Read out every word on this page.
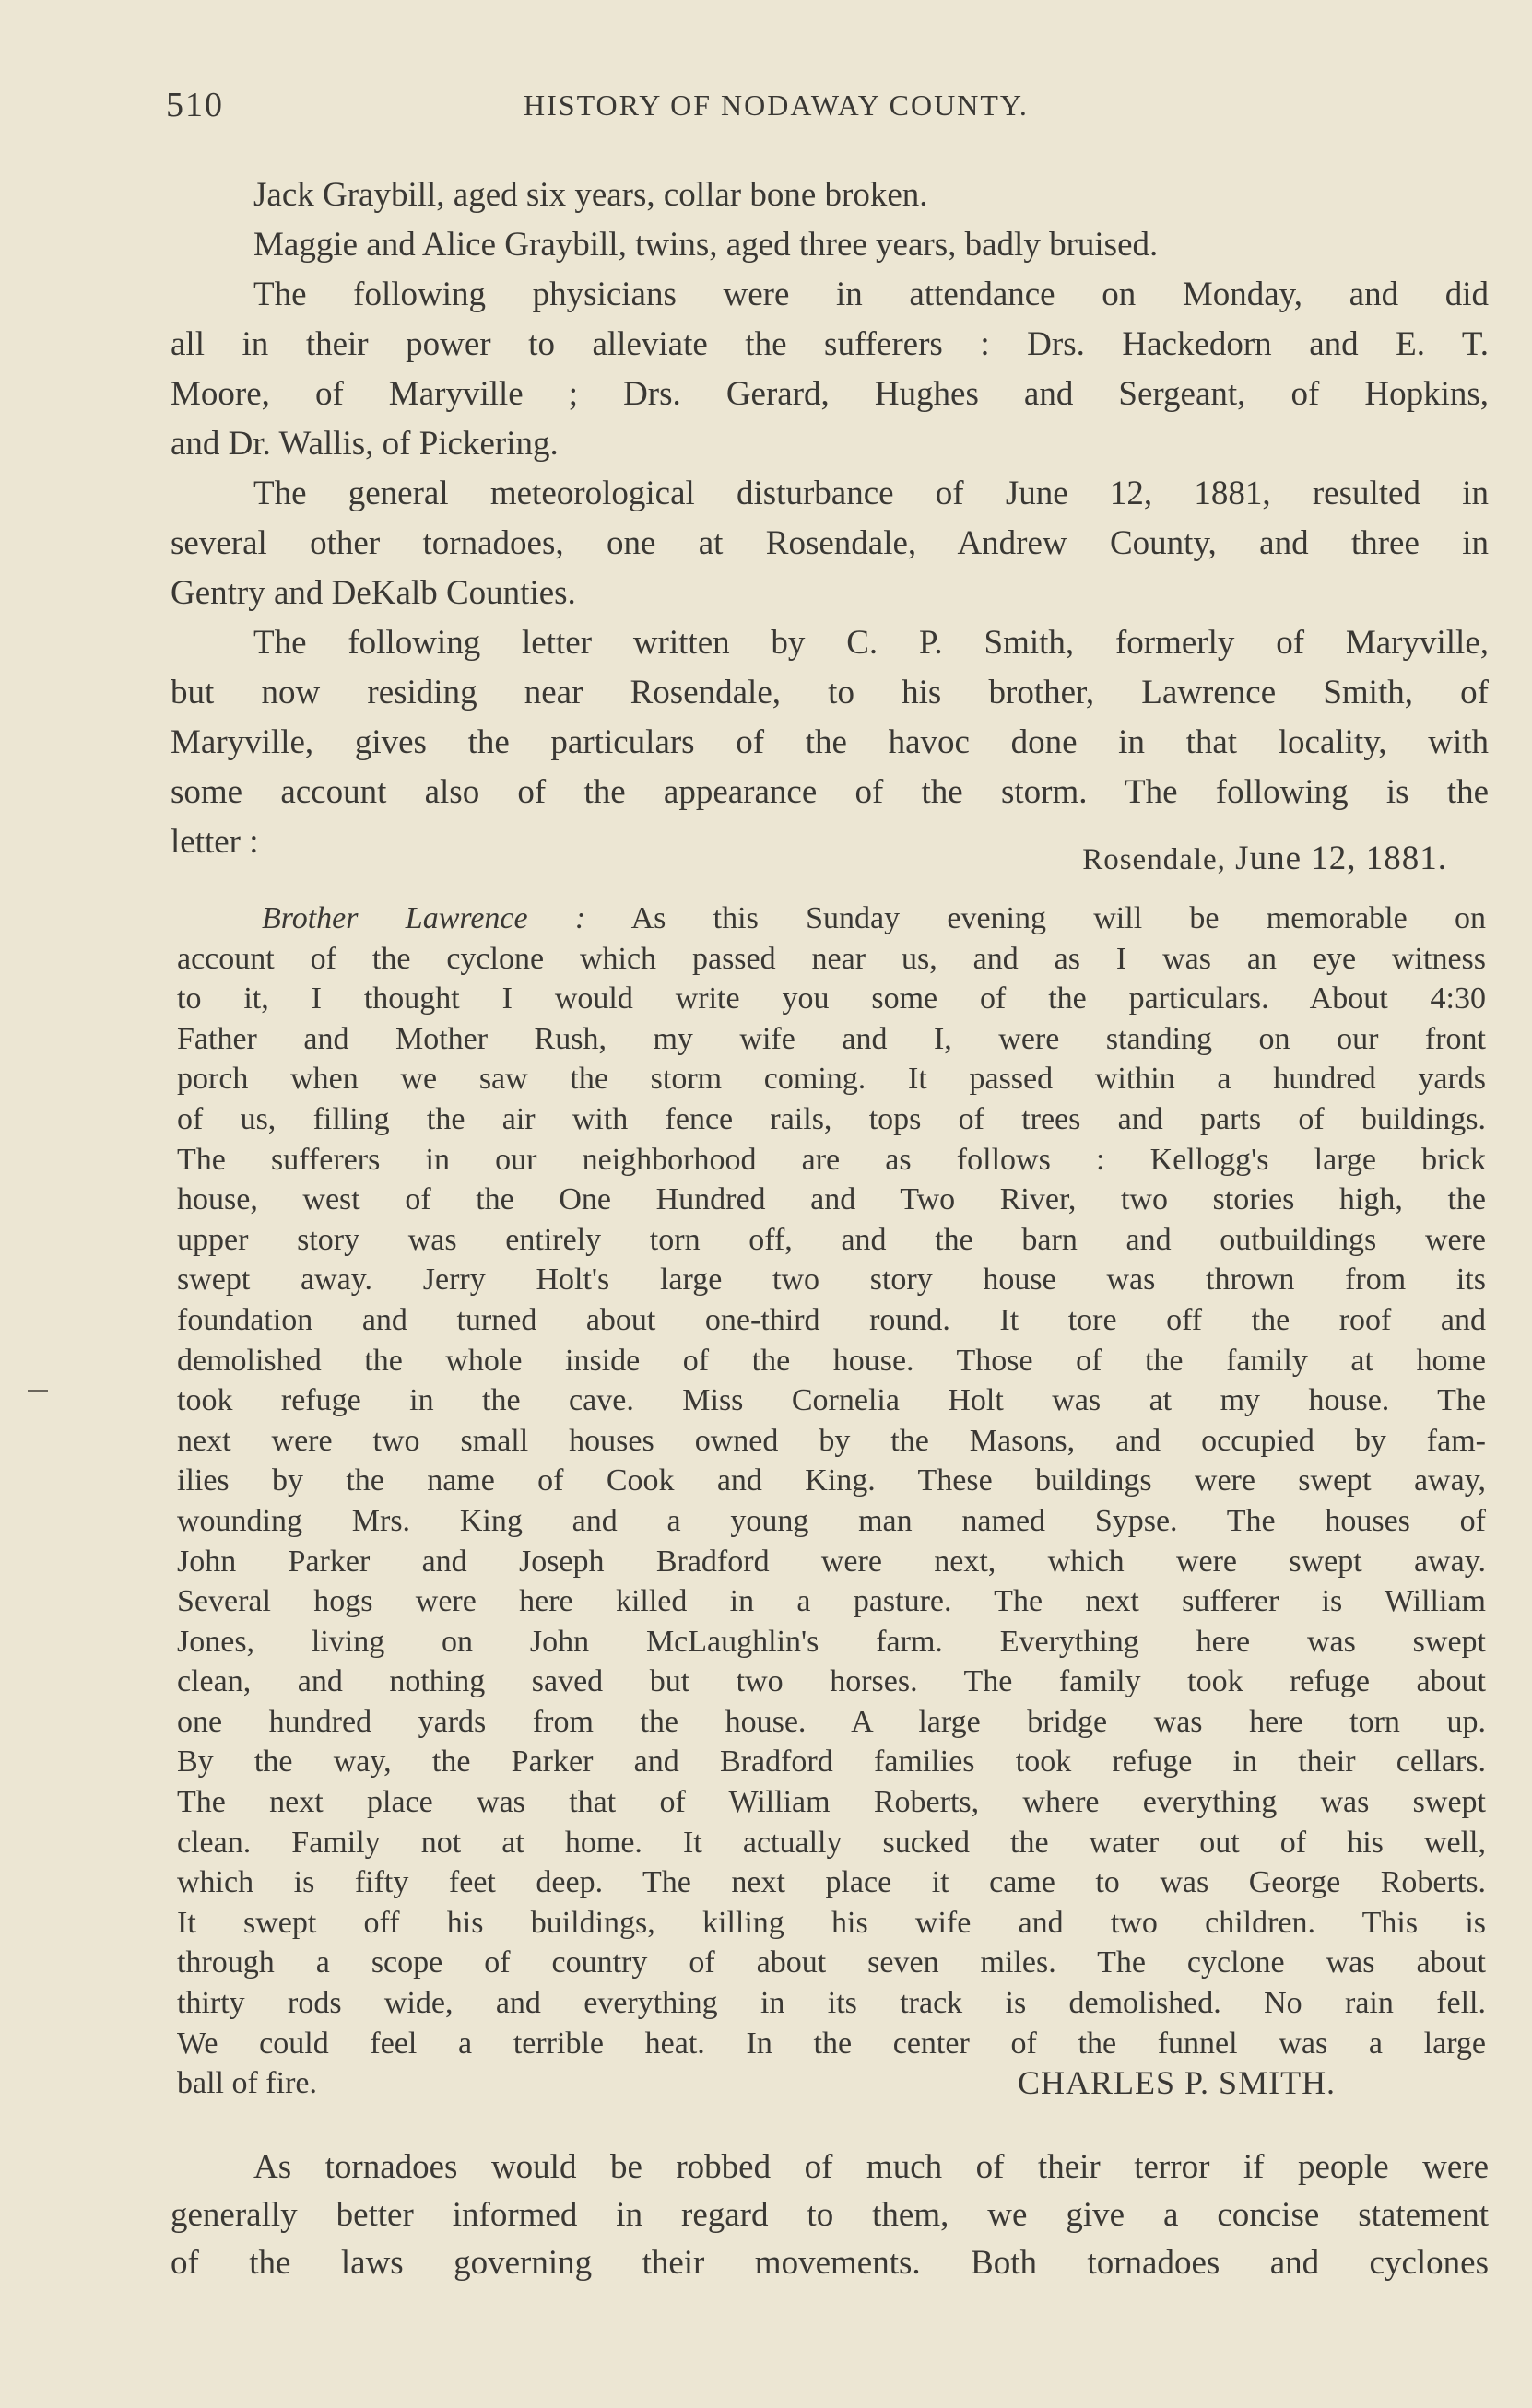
510	HISTORY OF NODAWAY COUNTY.
Jack Graybill, aged six years, collar bone broken.
Maggie and Alice Graybill, twins, aged three years, badly bruised.
The following physicians were in attendance on Monday, and did
all in their power to alleviate the sufferers : Drs. Hackedorn and E. T.
Moore, of Maryville ; Drs. Gerard, Hughes and Sergeant, of Hopkins,
and Dr. Wallis, of Pickering.
The general meteorological disturbance of June 12, 1881, resulted in
several other tornadoes, one at Rosendale, Andrew County, and three in
Gentry and DeKalb Counties.
The following letter written by C. P. Smith, formerly of Maryville,
but now residing near Rosendale, to his brother, Lawrence Smith, of
Maryville, gives the particulars of the havoc done in that locality, with
some account also of the appearance of the storm. The following is the
letter :	Rosendale, June 12, 1881.
Brother Lawrence : As this Sunday evening will be memorable on
account of the cyclone which passed near us, and as I was an eye witness
to it, I thought I would write you some of the particulars. About 4:30
Father and Mother Rush, my wife and I, were standing on our front
porch when we saw the storm coming. It passed within a hundred yards
of us, filling the air with fence rails, tops of trees and parts of buildings.
The sufferers in our neighborhood are as follows : Kellogg's large brick
house, west of the One Hundred and Two River, two stories high, the
upper story was entirely torn off, and the barn and outbuildings were
swept away. Jerry Holt's large two story house was thrown from its
foundation and turned about one-third round. It tore off the roof and
demolished the whole inside of the house. Those of the family at home
took refuge in the cave. Miss Cornelia Holt was at my house. The
next were two small houses owned by the Masons, and occupied by fam-
ilies by the name of Cook and King. These buildings were swept away,
wounding Mrs. King and a young man named Sypse. The houses of
John Parker and Joseph Bradford were next, which were swept away.
Several hogs were here killed in a pasture. The next sufferer is William
Jones, living on John McLaughlin's farm. Everything here was swept
clean, and nothing saved but two horses. The family took refuge about
one hundred yards from the house. A large bridge was here torn up.
By the way, the Parker and Bradford families took refuge in their cellars.
The next place was that of William Roberts, where everything was swept
clean. Family not at home. It actually sucked the water out of his well,
which is fifty feet deep. The next place it came to was George Roberts.
It swept off his buildings, killing his wife and two children. This is
through a scope of country of about seven miles. The cyclone was about
thirty rods wide, and everything in its track is demolished. No rain fell.
We could feel a terrible heat. In the center of the funnel was a large
ball of fire.	CHARLES P. SMITH.
As tornadoes would be robbed of much of their terror if people were
generally better informed in regard to them, we give a concise statement
of the laws governing their movements. Both tornadoes and cyclones
